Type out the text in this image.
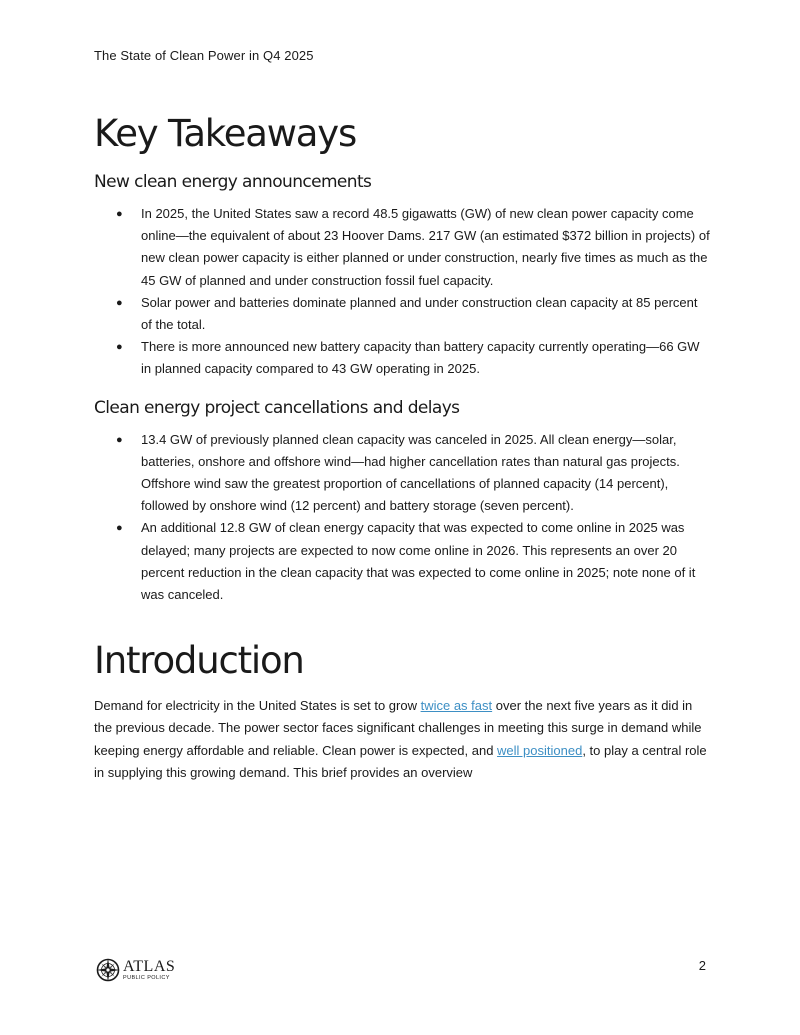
The State of Clean Power in Q4 2025
Key Takeaways
New clean energy announcements
● In 2025, the United States saw a record 48.5 gigawatts (GW) of new clean power capacity come online—the equivalent of about 23 Hoover Dams. 217 GW (an estimated $372 billion in projects) of new clean power capacity is either planned or under construction, nearly five times as much as the 45 GW of planned and under construction fossil fuel capacity.
● Solar power and batteries dominate planned and under construction clean capacity at 85 percent of the total.
● There is more announced new battery capacity than battery capacity currently operating—66 GW in planned capacity compared to 43 GW operating in 2025.
Clean energy project cancellations and delays
● 13.4 GW of previously planned clean capacity was canceled in 2025. All clean energy—solar, batteries, onshore and offshore wind—had higher cancellation rates than natural gas projects. Offshore wind saw the greatest proportion of cancellations of planned capacity (14 percent), followed by onshore wind (12 percent) and battery storage (seven percent).
● An additional 12.8 GW of clean energy capacity that was expected to come online in 2025 was delayed; many projects are expected to now come online in 2026. This represents an over 20 percent reduction in the clean capacity that was expected to come online in 2025; note none of it was canceled.
Introduction

Demand for electricity in the United States is set to grow twice as fast over the next five years as it did in the previous decade. The power sector faces significant challenges in meeting this surge in demand while keeping energy affordable and reliable. Clean power is expected, and well positioned, to play a central role in supplying this growing demand. This brief provides an overview

ATLAS
PUBLIC POLICY
2
